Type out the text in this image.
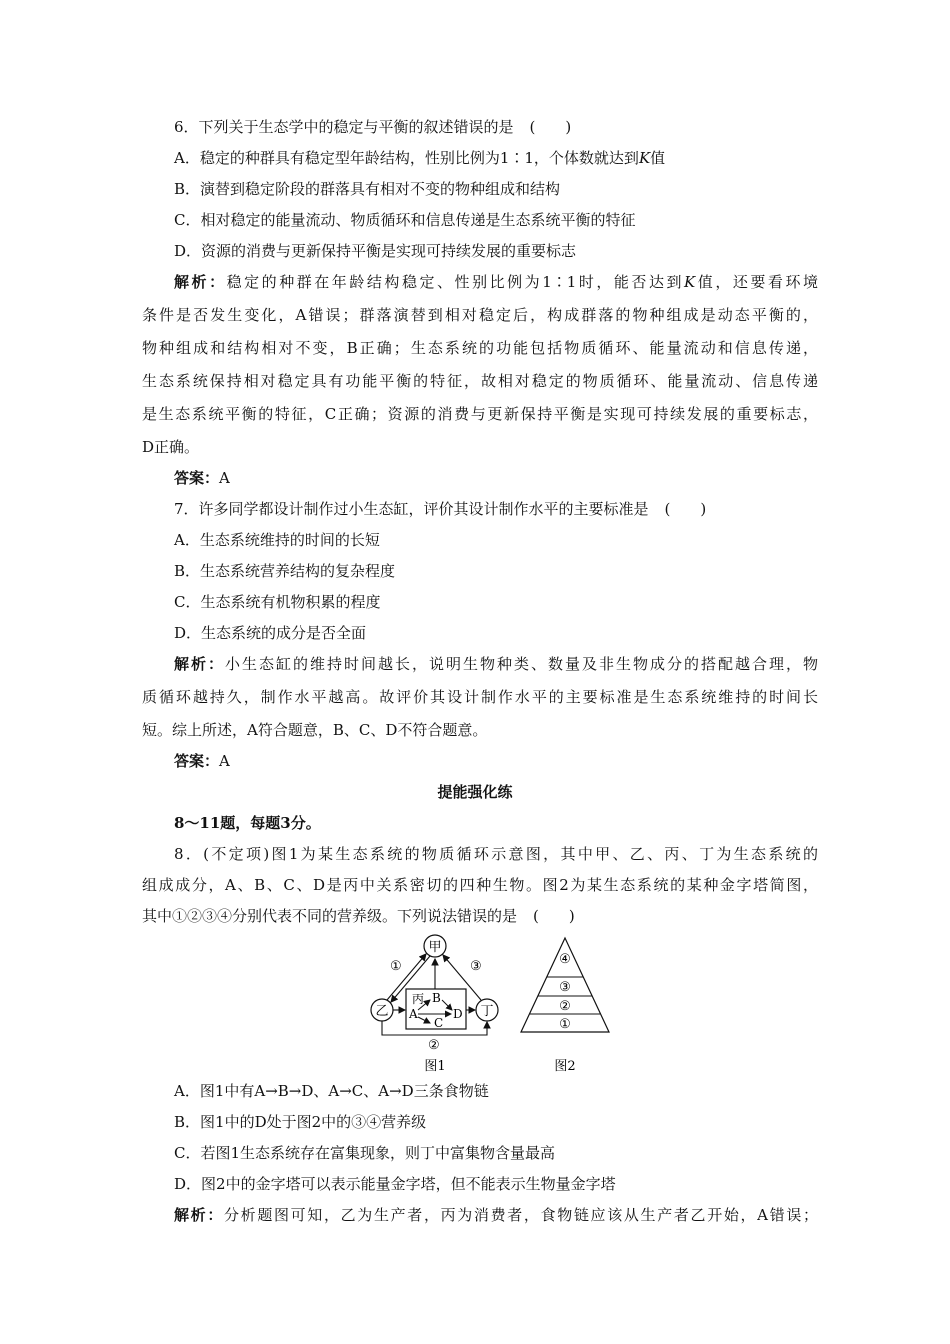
6．下列关于生态学中的稳定与平衡的叙述错误的是 (　　)
A．稳定的种群具有稳定型年龄结构，性别比例为1∶1，个体数就达到K值
B．演替到稳定阶段的群落具有相对不变的物种组成和结构
C．相对稳定的能量流动、物质循环和信息传递是生态系统平衡的特征
D．资源的消费与更新保持平衡是实现可持续发展的重要标志
解析：稳定的种群在年龄结构稳定、性别比例为1∶1时，能否达到K值，还要看环境
条件是否发生变化，A错误；群落演替到相对稳定后，构成群落的物种组成是动态平衡的，
物种组成和结构相对不变，B正确；生态系统的功能包括物质循环、能量流动和信息传递，
生态系统保持相对稳定具有功能平衡的特征，故相对稳定的物质循环、能量流动、信息传递
是生态系统平衡的特征，C正确；资源的消费与更新保持平衡是实现可持续发展的重要标志，
D正确。
答案：A
7．许多同学都设计制作过小生态缸，评价其设计制作水平的主要标准是 (　　)
A．生态系统维持的时间的长短
B．生态系统营养结构的复杂程度
C．生态系统有机物积累的程度
D．生态系统的成分是否全面
解析：小生态缸的维持时间越长，说明生物种类、数量及非生物成分的搭配越合理，物
质循环越持久，制作水平越高。故评价其设计制作水平的主要标准是生态系统维持的时间长
短。综上所述，A符合题意，B、C、D不符合题意。
答案：A
提能强化练
8～11题，每题3分。
8．(不定项)图1为某生态系统的物质循环示意图，其中甲、乙、丙、丁为生态系统的
组成成分，A、B、C、D是丙中关系密切的四种生物。图2为某生态系统的某种金字塔简图，
其中①②③④分别代表不同的营养级。下列说法错误的是 (　　)
甲
乙	丁
丙
A
B
C
D
①	③
②
图1
④
③
②
①
图2
A．图1中有A→B→D、A→C、A→D三条食物链
B．图1中的D处于图2中的③④营养级
C．若图1生态系统存在富集现象，则丁中富集物含量最高
D．图2中的金字塔可以表示能量金字塔，但不能表示生物量金字塔
解析：分析题图可知，乙为生产者，丙为消费者，食物链应该从生产者乙开始，A错误；
